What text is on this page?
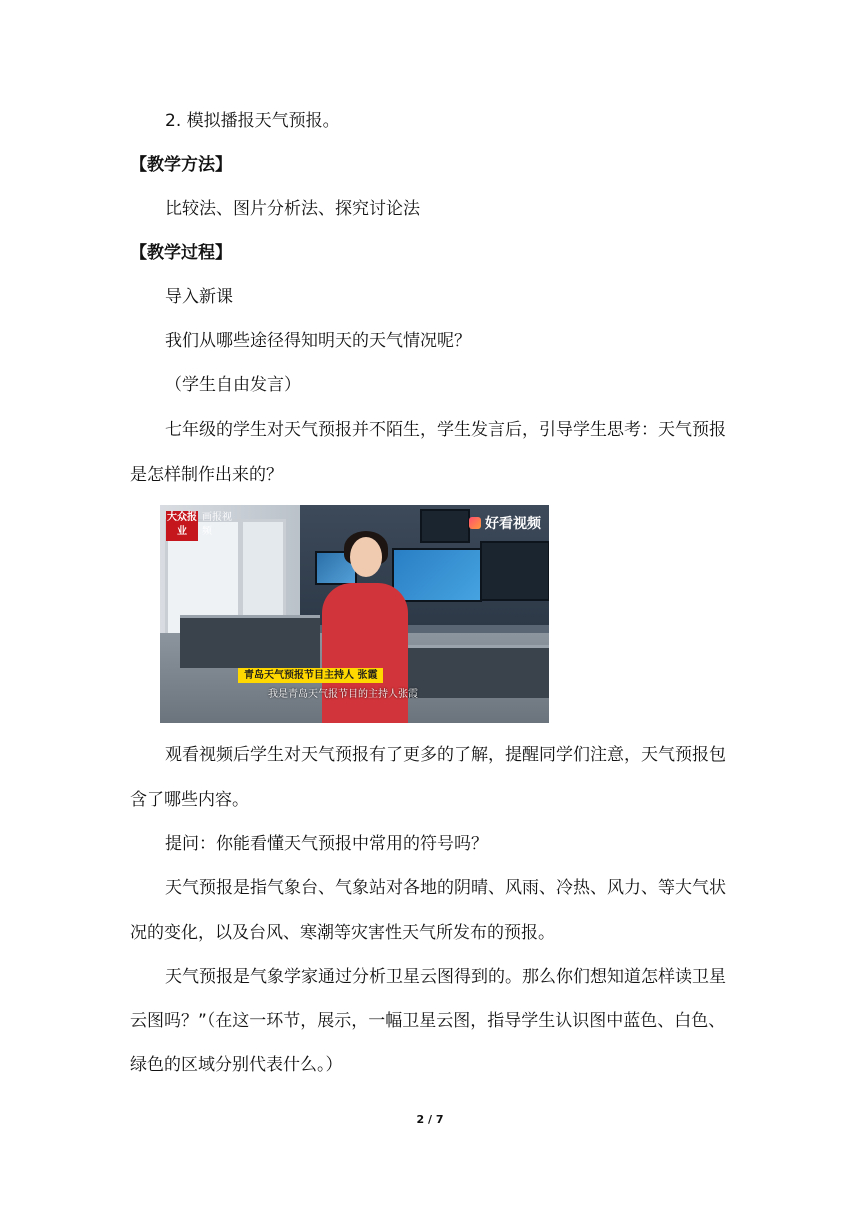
2. 模拟播报天气预报。
【教学方法】
比较法、图片分析法、探究讨论法
【教学过程】
导入新课
我们从哪些途径得知明天的天气情况呢？
（学生自由发言）
七年级的学生对天气预报并不陌生，学生发言后，引导学生思考：天气预报
是怎样制作出来的？
大众报业
画报视频	好看视频
青岛天气预报节目主持人 张霞
我是青岛天气报节目的主持人张霞
观看视频后学生对天气预报有了更多的了解，提醒同学们注意，天气预报包
含了哪些内容。
提问：你能看懂天气预报中常用的符号吗？
天气预报是指气象台、气象站对各地的阴晴、风雨、冷热、风力、等大气状
况的变化，以及台风、寒潮等灾害性天气所发布的预报。
天气预报是气象学家通过分析卫星云图得到的。那么你们想知道怎样读卫星
云图吗？”（在这一环节，展示，一幅卫星云图，指导学生认识图中蓝色、白色、
绿色的区域分别代表什么。）
2 / 7
